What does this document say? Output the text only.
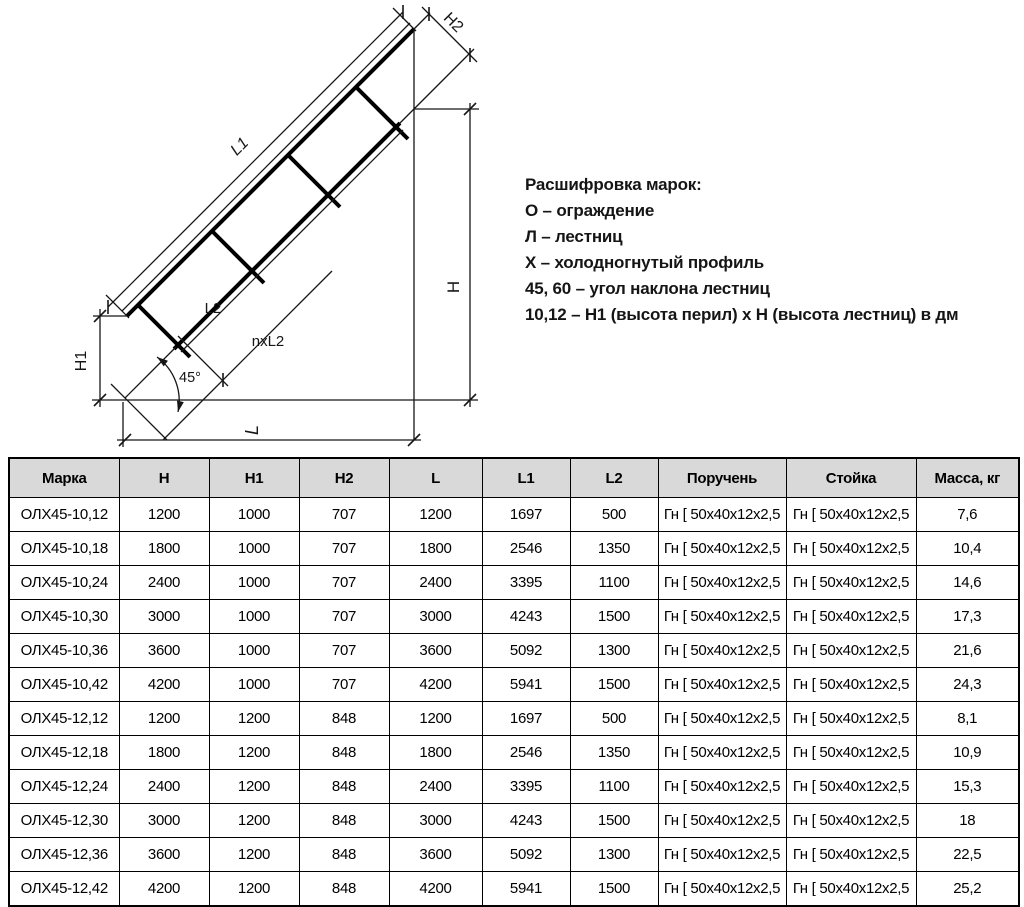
Н2
L1
Н
Н1
L
L2
nxL2
45°
Расшифровка марок:
О – ограждение
Л – лестниц
Х – холодногнутый профиль
45, 60 – угол наклона лестниц
10,12 – Н1 (высота перил) х Н (высота лестниц) в дм
Марка	Н	Н1	Н2	L	L1	L2	Поручень	Стойка	Масса, кг
ОЛХ45-10,12	1200	1000	707	1200	1697	500	Гн [ 50х40х12х2,5	Гн [ 50х40х12х2,5	7,6
ОЛХ45-10,18	1800	1000	707	1800	2546	1350	Гн [ 50х40х12х2,5	Гн [ 50х40х12х2,5	10,4
ОЛХ45-10,24	2400	1000	707	2400	3395	1100	Гн [ 50х40х12х2,5	Гн [ 50х40х12х2,5	14,6
ОЛХ45-10,30	3000	1000	707	3000	4243	1500	Гн [ 50х40х12х2,5	Гн [ 50х40х12х2,5	17,3
ОЛХ45-10,36	3600	1000	707	3600	5092	1300	Гн [ 50х40х12х2,5	Гн [ 50х40х12х2,5	21,6
ОЛХ45-10,42	4200	1000	707	4200	5941	1500	Гн [ 50х40х12х2,5	Гн [ 50х40х12х2,5	24,3
ОЛХ45-12,12	1200	1200	848	1200	1697	500	Гн [ 50х40х12х2,5	Гн [ 50х40х12х2,5	8,1
ОЛХ45-12,18	1800	1200	848	1800	2546	1350	Гн [ 50х40х12х2,5	Гн [ 50х40х12х2,5	10,9
ОЛХ45-12,24	2400	1200	848	2400	3395	1100	Гн [ 50х40х12х2,5	Гн [ 50х40х12х2,5	15,3
ОЛХ45-12,30	3000	1200	848	3000	4243	1500	Гн [ 50х40х12х2,5	Гн [ 50х40х12х2,5	18
ОЛХ45-12,36	3600	1200	848	3600	5092	1300	Гн [ 50х40х12х2,5	Гн [ 50х40х12х2,5	22,5
ОЛХ45-12,42	4200	1200	848	4200	5941	1500	Гн [ 50х40х12х2,5	Гн [ 50х40х12х2,5	25,2
